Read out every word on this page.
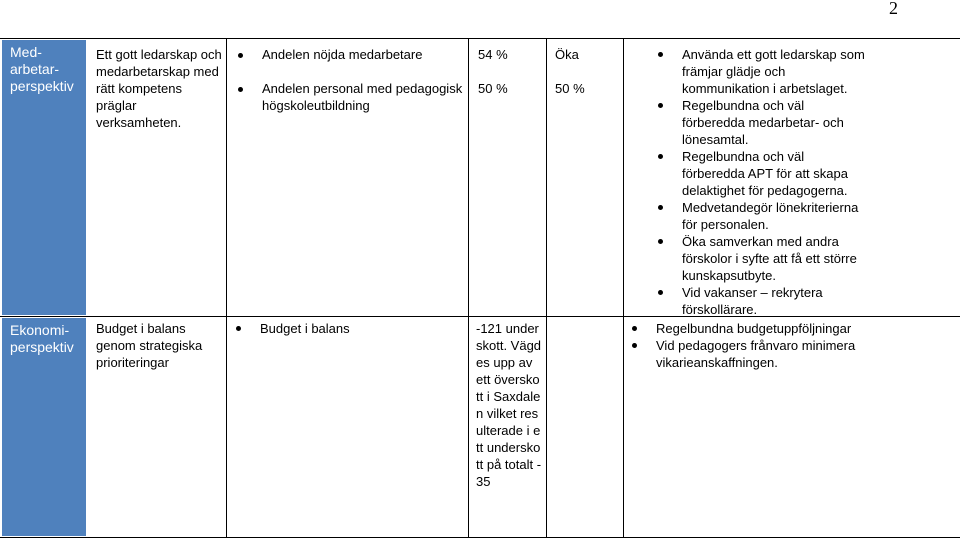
2
Med-arbetar-perspektiv
Ett gott ledarskap och medarbetarskap med rätt kompetens präglar verksamheten.
Andelen nöjda medarbetare
Andelen personal med pedagogisk högskoleutbildning
54 %
50 %
Öka
50 %
Använda ett gott ledarskap som främjar glädje och kommunikation i arbetslaget.
Regelbundna och väl förberedda medarbetar- och lönesamtal.
Regelbundna och väl förberedda APT för att skapa delaktighet för pedagogerna.
Medvetandegör lönekriterierna för personalen.
Öka samverkan med andra förskolor i syfte att få ett större kunskapsutbyte.
Vid vakanser – rekrytera förskollärare.
Ekonomi-perspektiv
Budget i balans genom strategiska prioriteringar
Budget i balans	-121 underskott. Vägdes upp av ett överskott i Saxdalen vilket resulterade i ett underskott på totalt -35
Regelbundna budgetuppföljningar
Vid pedagogers frånvaro minimera vikarieanskaffningen.
